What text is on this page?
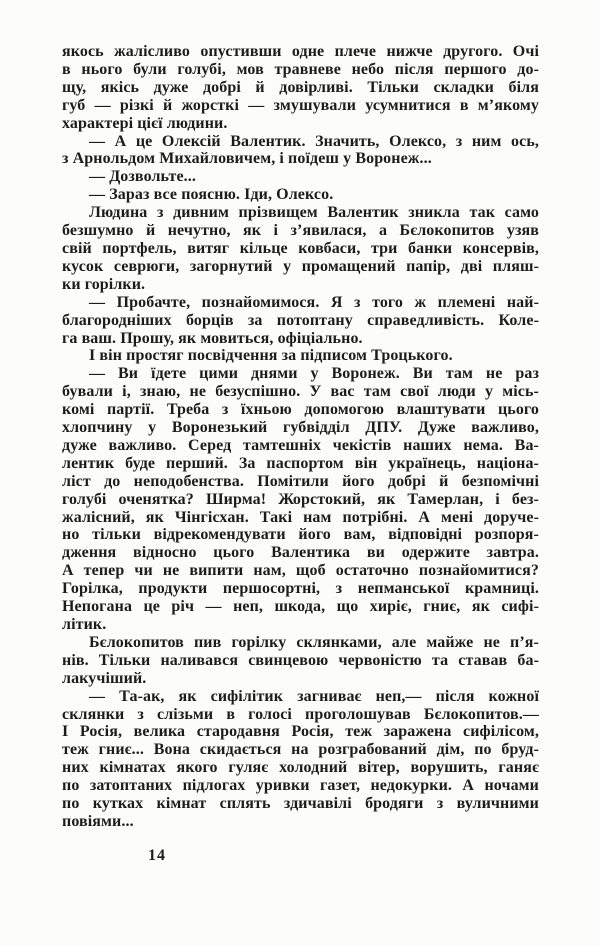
якось жалісливо опустивши одне плече нижче другого. Очі
в нього були голубі, мов травневе небо після першого до-
щу, якісь дуже добрі й довірливі. Тільки складки біля
губ — різкі й жорсткі — змушували усумнитися в м’якому
характері цієї людини.
— А це Олексій Валентик. Значить, Олексо, з ним ось,
з Арнольдом Михайловичем, і поїдеш у Воронеж...
— Дозвольте...
— Зараз все поясню. Іди, Олексо.
Людина з дивним прізвищем Валентик зникла так само
безшумно й нечутно, як і з’явилася, а Бєлокопитов узяв
свій портфель, витяг кільце ковбаси, три банки консервів,
кусок севрюги, загорнутий у промащений папір, дві пляш-
ки горілки.
— Пробачте, познайомимося. Я з того ж племені най-
благородніших борців за потоптану справедливість. Коле-
га ваш. Прошу, як мовиться, офіціально.
І він простяг посвідчення за підписом Троцького.
— Ви їдете цими днями у Воронеж. Ви там не раз
бували і, знаю, не безуспішно. У вас там свої люди у місь-
комі партії. Треба з їхньою допомогою влаштувати цього
хлопчину у Воронезький губвідділ ДПУ. Дуже важливо,
дуже важливо. Серед тамтешніх чекістів наших нема. Ва-
лентик буде перший. За паспортом він українець, націона-
ліст до неподобенства. Помітили його добрі й безпомічні
голубі оченятка? Ширма! Жорстокий, як Тамерлан, і без-
жалісний, як Чінгісхан. Такі нам потрібні. А мені доруче-
но тільки відрекомендувати його вам, відповідні розпоря-
дження відносно цього Валентика ви одержите завтра.
А тепер чи не випити нам, щоб остаточно познайомитися?
Горілка, продукти першосортні, з непманської крамниці.
Непогана це річ — неп, шкода, що хиріє, гниє, як сифі-
літик.
Бєлокопитов пив горілку склянками, але майже не п’я-
нів. Тільки наливався свинцевою червоністю та ставав ба-
лакучіший.
— Та-ак, як сифілітик загниває неп,— після кожної
склянки з слізьми в голосі проголошував Бєлокопитов.—
І Росія, велика стародавня Росія, теж заражена сифілісом,
теж гниє... Вона скидається на розграбований дім, по бруд-
них кімнатах якого гуляє холодний вітер, ворушить, ганяє
по затоптаних підлогах уривки газет, недокурки. А ночами
по кутках кімнат сплять здичавілі бродяги з вуличними
повіями...
14
